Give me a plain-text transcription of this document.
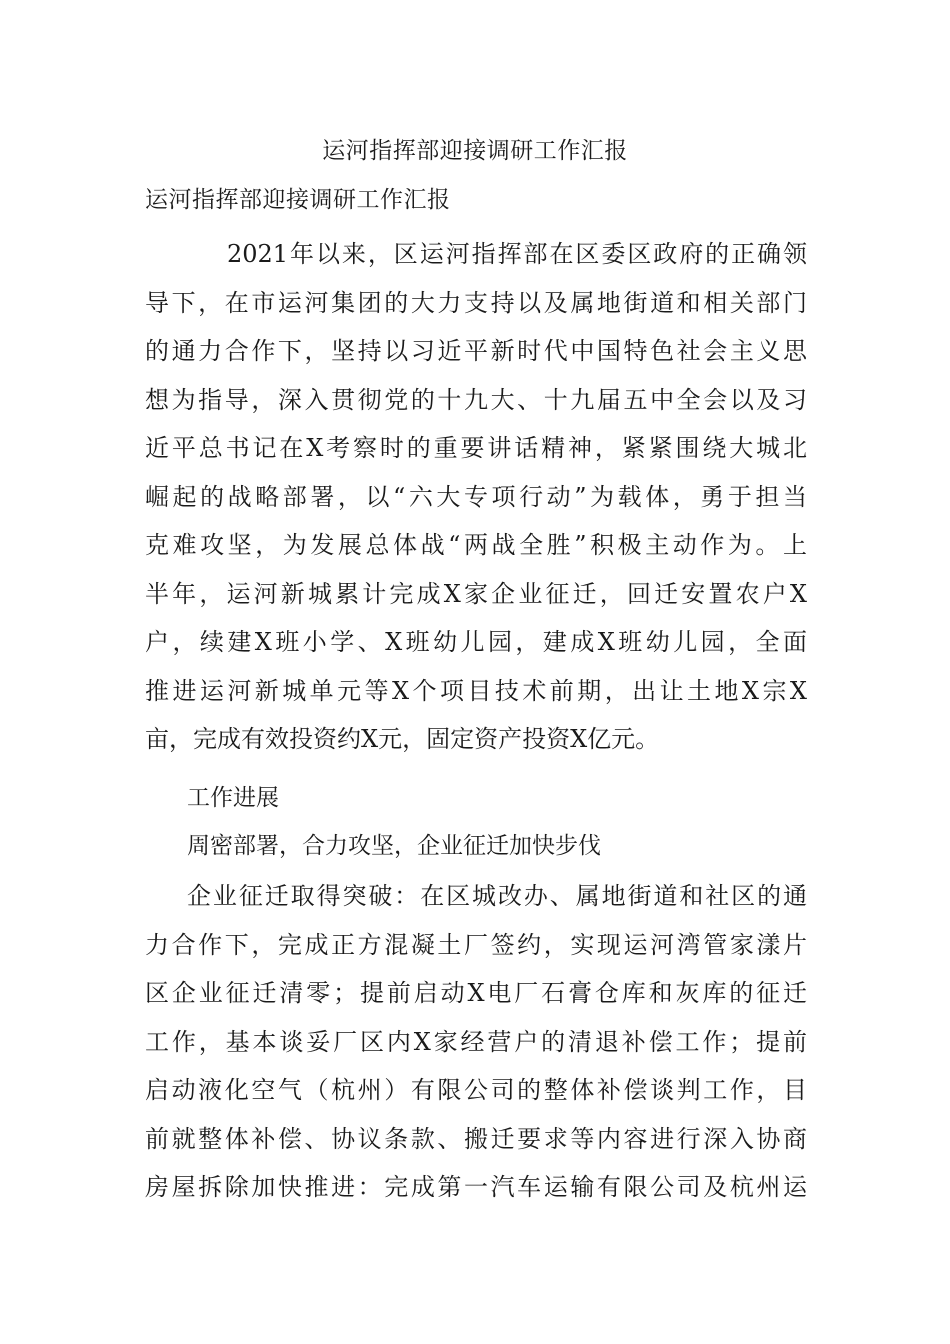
运河指挥部迎接调研工作汇报
运河指挥部迎接调研工作汇报
2021年以来，区运河指挥部在区委区政府的正确领
导下，在市运河集团的大力支持以及属地街道和相关部门
的通力合作下，坚持以习近平新时代中国特色社会主义思
想为指导，深入贯彻党的十九大、十九届五中全会以及习
近平总书记在X考察时的重要讲话精神，紧紧围绕大城北
崛起的战略部署，以“六大专项行动”为载体，勇于担当
克难攻坚，为发展总体战“两战全胜”积极主动作为。上
半年，运河新城累计完成X家企业征迁，回迁安置农户X
户，续建X班小学、X班幼儿园，建成X班幼儿园，全面
推进运河新城单元等X个项目技术前期，出让土地X宗X
亩，完成有效投资约X元，固定资产投资X亿元。
工作进展
周密部署，合力攻坚，企业征迁加快步伐
企业征迁取得突破：在区城改办、属地街道和社区的通
力合作下，完成正方混凝土厂签约，实现运河湾管家漾片
区企业征迁清零；提前启动X电厂石膏仓库和灰库的征迁
工作，基本谈妥厂区内X家经营户的清退补偿工作；提前
启动液化空气（杭州）有限公司的整体补偿谈判工作，目
前就整体补偿、协议条款、搬迁要求等内容进行深入协商
房屋拆除加快推进：完成第一汽车运输有限公司及杭州运
